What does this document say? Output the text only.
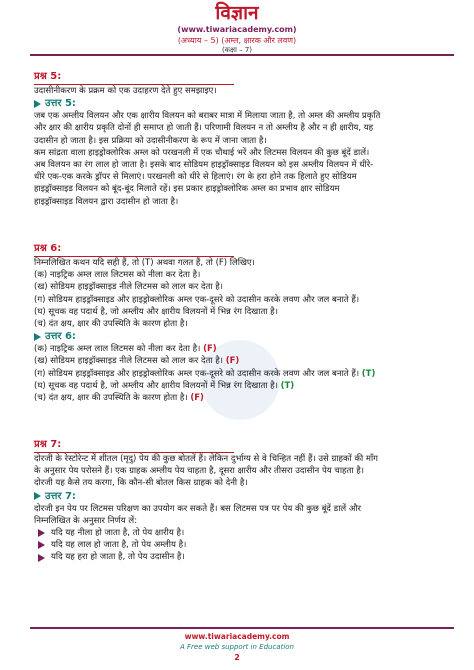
विज्ञान
(www.tiwariacademy.com)
(अध्याय – 5) (अम्ल, क्षारक और लवण)
(कक्षा – 7)
प्रश्न 5:
उदासीनीकरण के प्रक्रम को एक उदाहरण देते हुए समझाइए।
उत्तर 5:
जब एक अम्लीय विलयन और एक क्षारीय विलयन को बराबर मात्रा में मिलाया जाता है, तो अम्ल की अम्लीय प्रकृति
और क्षार की क्षारीय प्रकृति दोनों ही समाप्त हो जाती हैं। परिणामी विलयन न तो अम्लीय है और न ही क्षारीय, यह
उदासीन हो जाता है। इस प्रक्रिया को उदासीनीकरण के रूप में जाना जाता है।
कम सांद्रता वाला हाइड्रोक्लोरिक अम्ल को परखनली में एक चौथाई भरें और लिटमस विलयन की कुछ बूंदें डालें।
अब विलयन का रंग लाल हो जाता है। इसके बाद सोडियम हाइड्रॉक्साइड विलयन को इस अम्लीय विलयन में धीरे-
धीरे एक-एक करके ड्रॉपर से मिलाएं। परखनली को धीरे से हिलाएं। रंग के हरा होने तक हिलाते हुए सोडियम
हाइड्रॉक्साइड विलयन को बूंद-बूंद मिलाते रहें। इस प्रकार हाइड्रोक्लोरिक अम्ल का प्रभाव क्षार सोडियम
हाइड्रॉक्साइड विलयन द्वारा उदासीन हो जाता है।
प्रश्न 6:
निम्नलिखित कथन यदि सही हैं, तो (T) अथवा गलत हैं, तो (F) लिखिए।
(क) नाइट्रिक अम्ल लाल लिटमस को नीला कर देता है।
(ख) सोडियम हाइड्रॉक्साइड नीले लिटमस को लाल कर देता है।
(ग) सोडियम हाइड्रॉक्साइड और हाइड्रोक्लोरिक अम्ल एक-दूसरे को उदासीन करके लवण और जल बनाते हैं।
(घ) सूचक वह पदार्थ है, जो अम्लीय और क्षारीय विलयनों में भिन्न रंग दिखाता है।
(च) दंत क्षय, क्षार की उपस्थिति के कारण होता है।
उत्तर 6:
(क) नाइट्रिक अम्ल लाल लिटमस को नीला कर देता है। (F)
(ख) सोडियम हाइड्रॉक्साइड नीले लिटमस को लाल कर देता है। (F)
(ग) सोडियम हाइड्रॉक्साइड और हाइड्रोक्लोरिक अम्ल एक-दूसरे को उदासीन करके लवण और जल बनाते हैं। (T)
(घ) सूचक वह पदार्थ है, जो अम्लीय और क्षारीय विलयनों में भिन्न रंग दिखाता है। (T)
(च) दंत क्षय, क्षार की उपस्थिति के कारण होता है। (F)
प्रश्न 7:
दोरजी के रेस्टोरेन्ट में शीतल (मृदु) पेय की कुछ बोतलें हैं। लेकिन दुर्भाग्य से वे चिन्हित नहीं हैं। उसे ग्राहकों की माँग
के अनुसार पेय परोसने हैं। एक ग्राहक अम्लीय पेय चाहता है, दूसरा क्षारीय और तीसरा उदासीन पेय चाहता है।
दोरजी यह कैसे तय करगा, कि कौन-सी बोतल किस ग्राहक को देनी है।
उत्तर 7:
दोरजी इन पेय पर लिटमस परिक्षण का उपयोग कर सकते हैं। बस लिटमस पत्र पर पेय की कुछ बूंदें डालें और
निम्नलिखित के अनुसार निर्णय लें:
यदि यह नीला हो जाता है, तो पेय क्षारीय है।
यदि यह लाल हो जाता है, तो पेय अम्लीय है।
यदि यह हरा हो जाता है, तो पेय उदासीन है।
www.tiwariacademy.com
A Free web support in Education
2
